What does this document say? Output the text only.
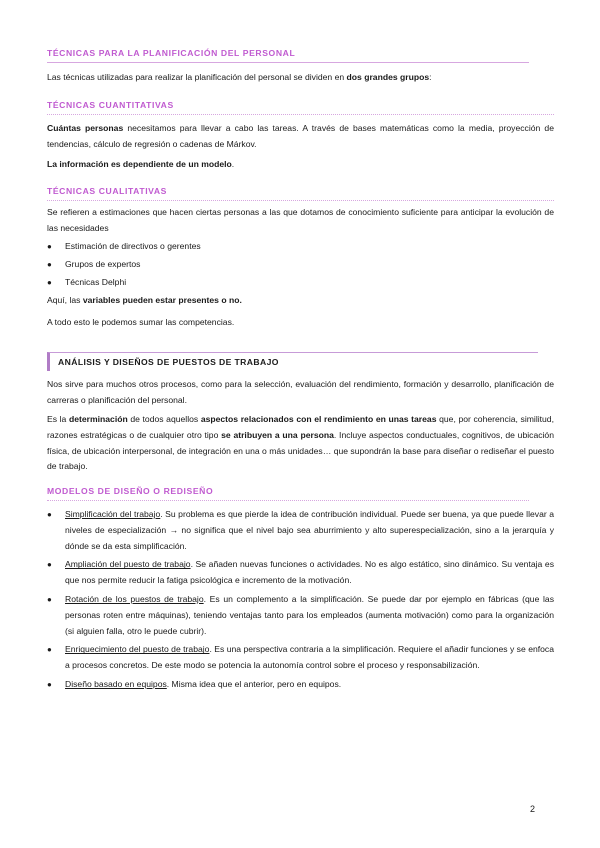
TÉCNICAS PARA LA PLANIFICACIÓN DEL PERSONAL

Las técnicas utilizadas para realizar la planificación del personal se dividen en dos grandes grupos:

TÉCNICAS CUANTITATIVAS

Cuántas personas necesitamos para llevar a cabo las tareas. A través de bases matemáticas como la media, proyección de tendencias, cálculo de regresión o cadenas de Márkov.

La información es dependiente de un modelo.

TÉCNICAS CUALITATIVAS

Se refieren a estimaciones que hacen ciertas personas a las que dotamos de conocimiento suficiente para anticipar la evolución de las necesidades

● Estimación de directivos o gerentes
● Grupos de expertos
● Técnicas Delphi

Aquí, las variables pueden estar presentes o no.

A todo esto le podemos sumar las competencias.

ANÁLISIS Y DISEÑOS DE PUESTOS DE TRABAJO

Nos sirve para muchos otros procesos, como para la selección, evaluación del rendimiento, formación y desarrollo, planificación de carreras o planificación del personal.

Es la determinación de todos aquellos aspectos relacionados con el rendimiento en unas tareas que, por coherencia, similitud, razones estratégicas o de cualquier otro tipo se atribuyen a una persona. Incluye aspectos conductuales, cognitivos, de ubicación física, de ubicación interpersonal, de integración en una o más unidades… que supondrán la base para diseñar o rediseñar el puesto de trabajo.

MODELOS DE DISEÑO O REDISEÑO
● Simplificación del trabajo. Su problema es que pierde la idea de contribución individual. Puede ser buena, ya que puede llevar a niveles de especialización → no significa que el nivel bajo sea aburrimiento y alto superespecialización, sino a la jerarquía y dónde se da esta simplificación.
● Ampliación del puesto de trabajo. Se añaden nuevas funciones o actividades. No es algo estático, sino dinámico. Su ventaja es que nos permite reducir la fatiga psicológica e incremento de la motivación.
● Rotación de los puestos de trabajo. Es un complemento a la simplificación. Se puede dar por ejemplo en fábricas (que las personas roten entre máquinas), teniendo ventajas tanto para los empleados (aumenta motivación) como para la organización (si alguien falla, otro le puede cubrir).
● Enriquecimiento del puesto de trabajo. Es una perspectiva contraria a la simplificación. Requiere el añadir funciones y se enfoca a procesos concretos. De este modo se potencia la autonomía control sobre el proceso y responsabilización.
● Diseño basado en equipos. Misma idea que el anterior, pero en equipos.
2
